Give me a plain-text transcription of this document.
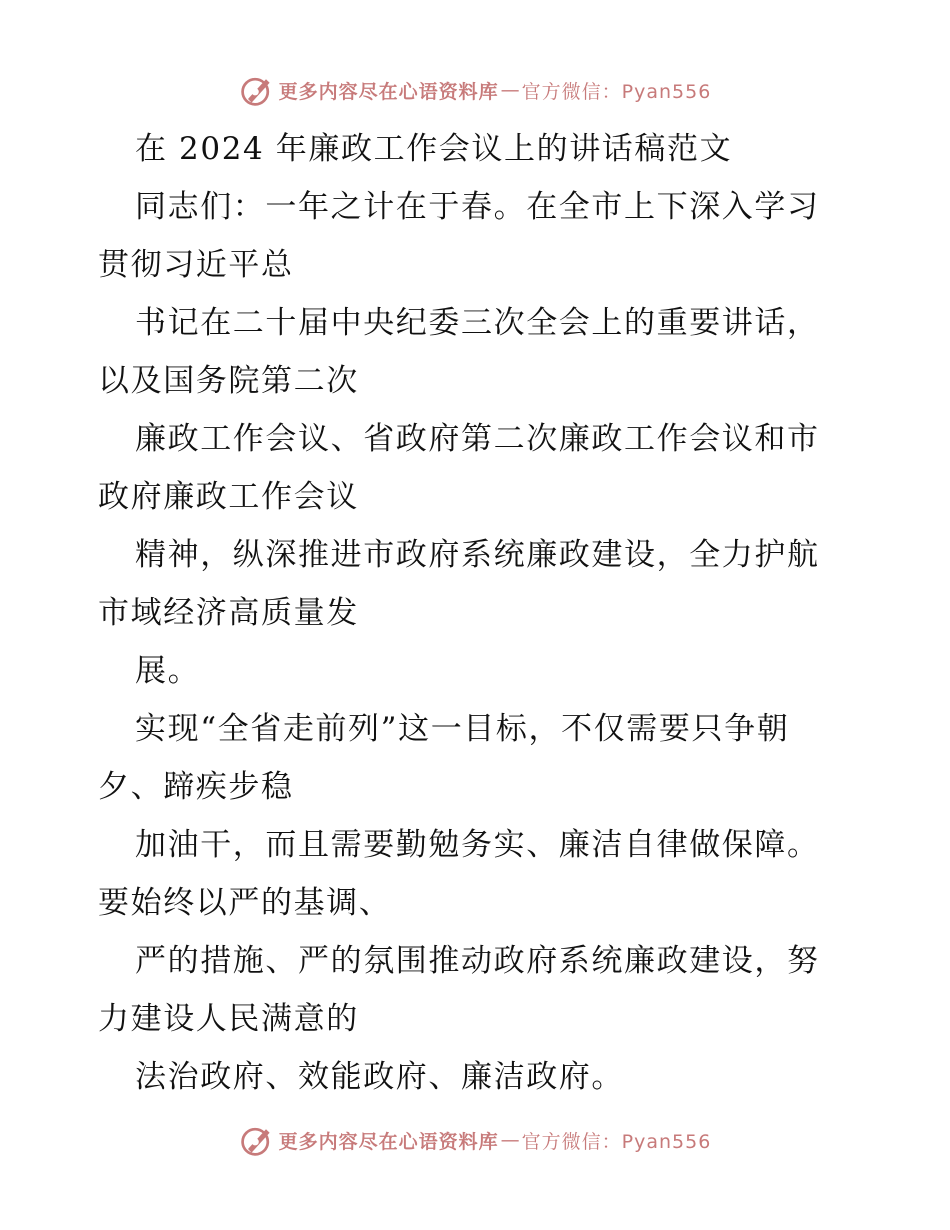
更多内容尽在心语资料库 — 官方微信：Pyan556
在 2024 年廉政工作会议上的讲话稿范文
同志们：一年之计在于春。在全市上下深入学习
贯彻习近平总
书记在二十届中央纪委三次全会上的重要讲话，
以及国务院第二次
廉政工作会议、省政府第二次廉政工作会议和市
政府廉政工作会议
精神，纵深推进市政府系统廉政建设，全力护航
市域经济高质量发
展。
实现“全省走前列”这一目标，不仅需要只争朝
夕、蹄疾步稳
加油干，而且需要勤勉务实、廉洁自律做保障。
要始终以严的基调、
严的措施、严的氛围推动政府系统廉政建设，努
力建设人民满意的
法治政府、效能政府、廉洁政府。
更多内容尽在心语资料库 — 官方微信：Pyan556
